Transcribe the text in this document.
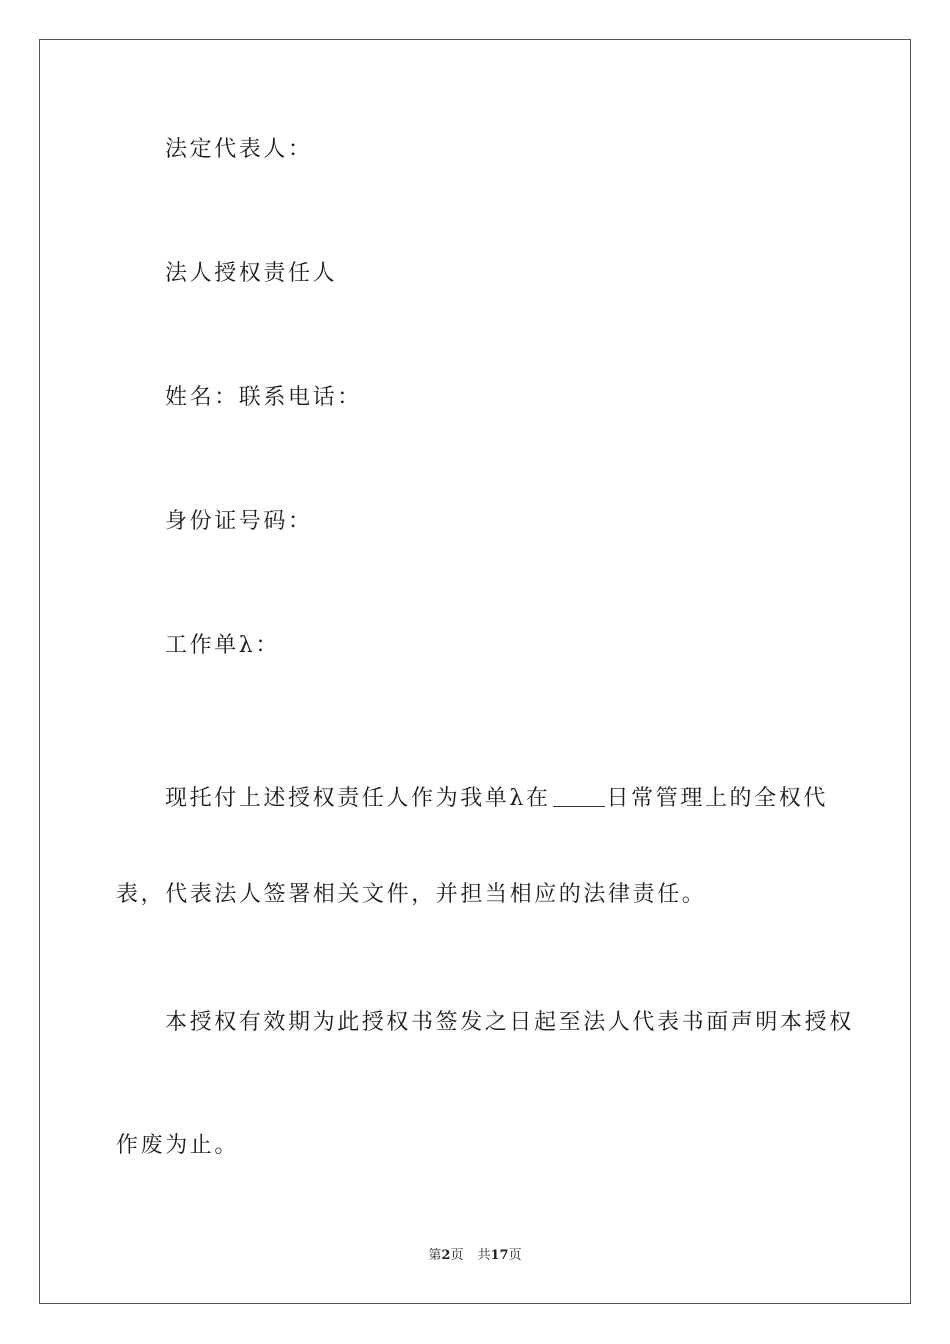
法定代表人：
法人授权责任人
姓名：联系电话：
身份证号码：
工作单λ：
现托付上述授权责任人作为我单λ在	日常管理上的全权代
表，代表法人签署相关文件，并担当相应的法律责任。
本授权有效期为此授权书签发之日起至法人代表书面声明本授权
作废为止。
第2页 共17页
